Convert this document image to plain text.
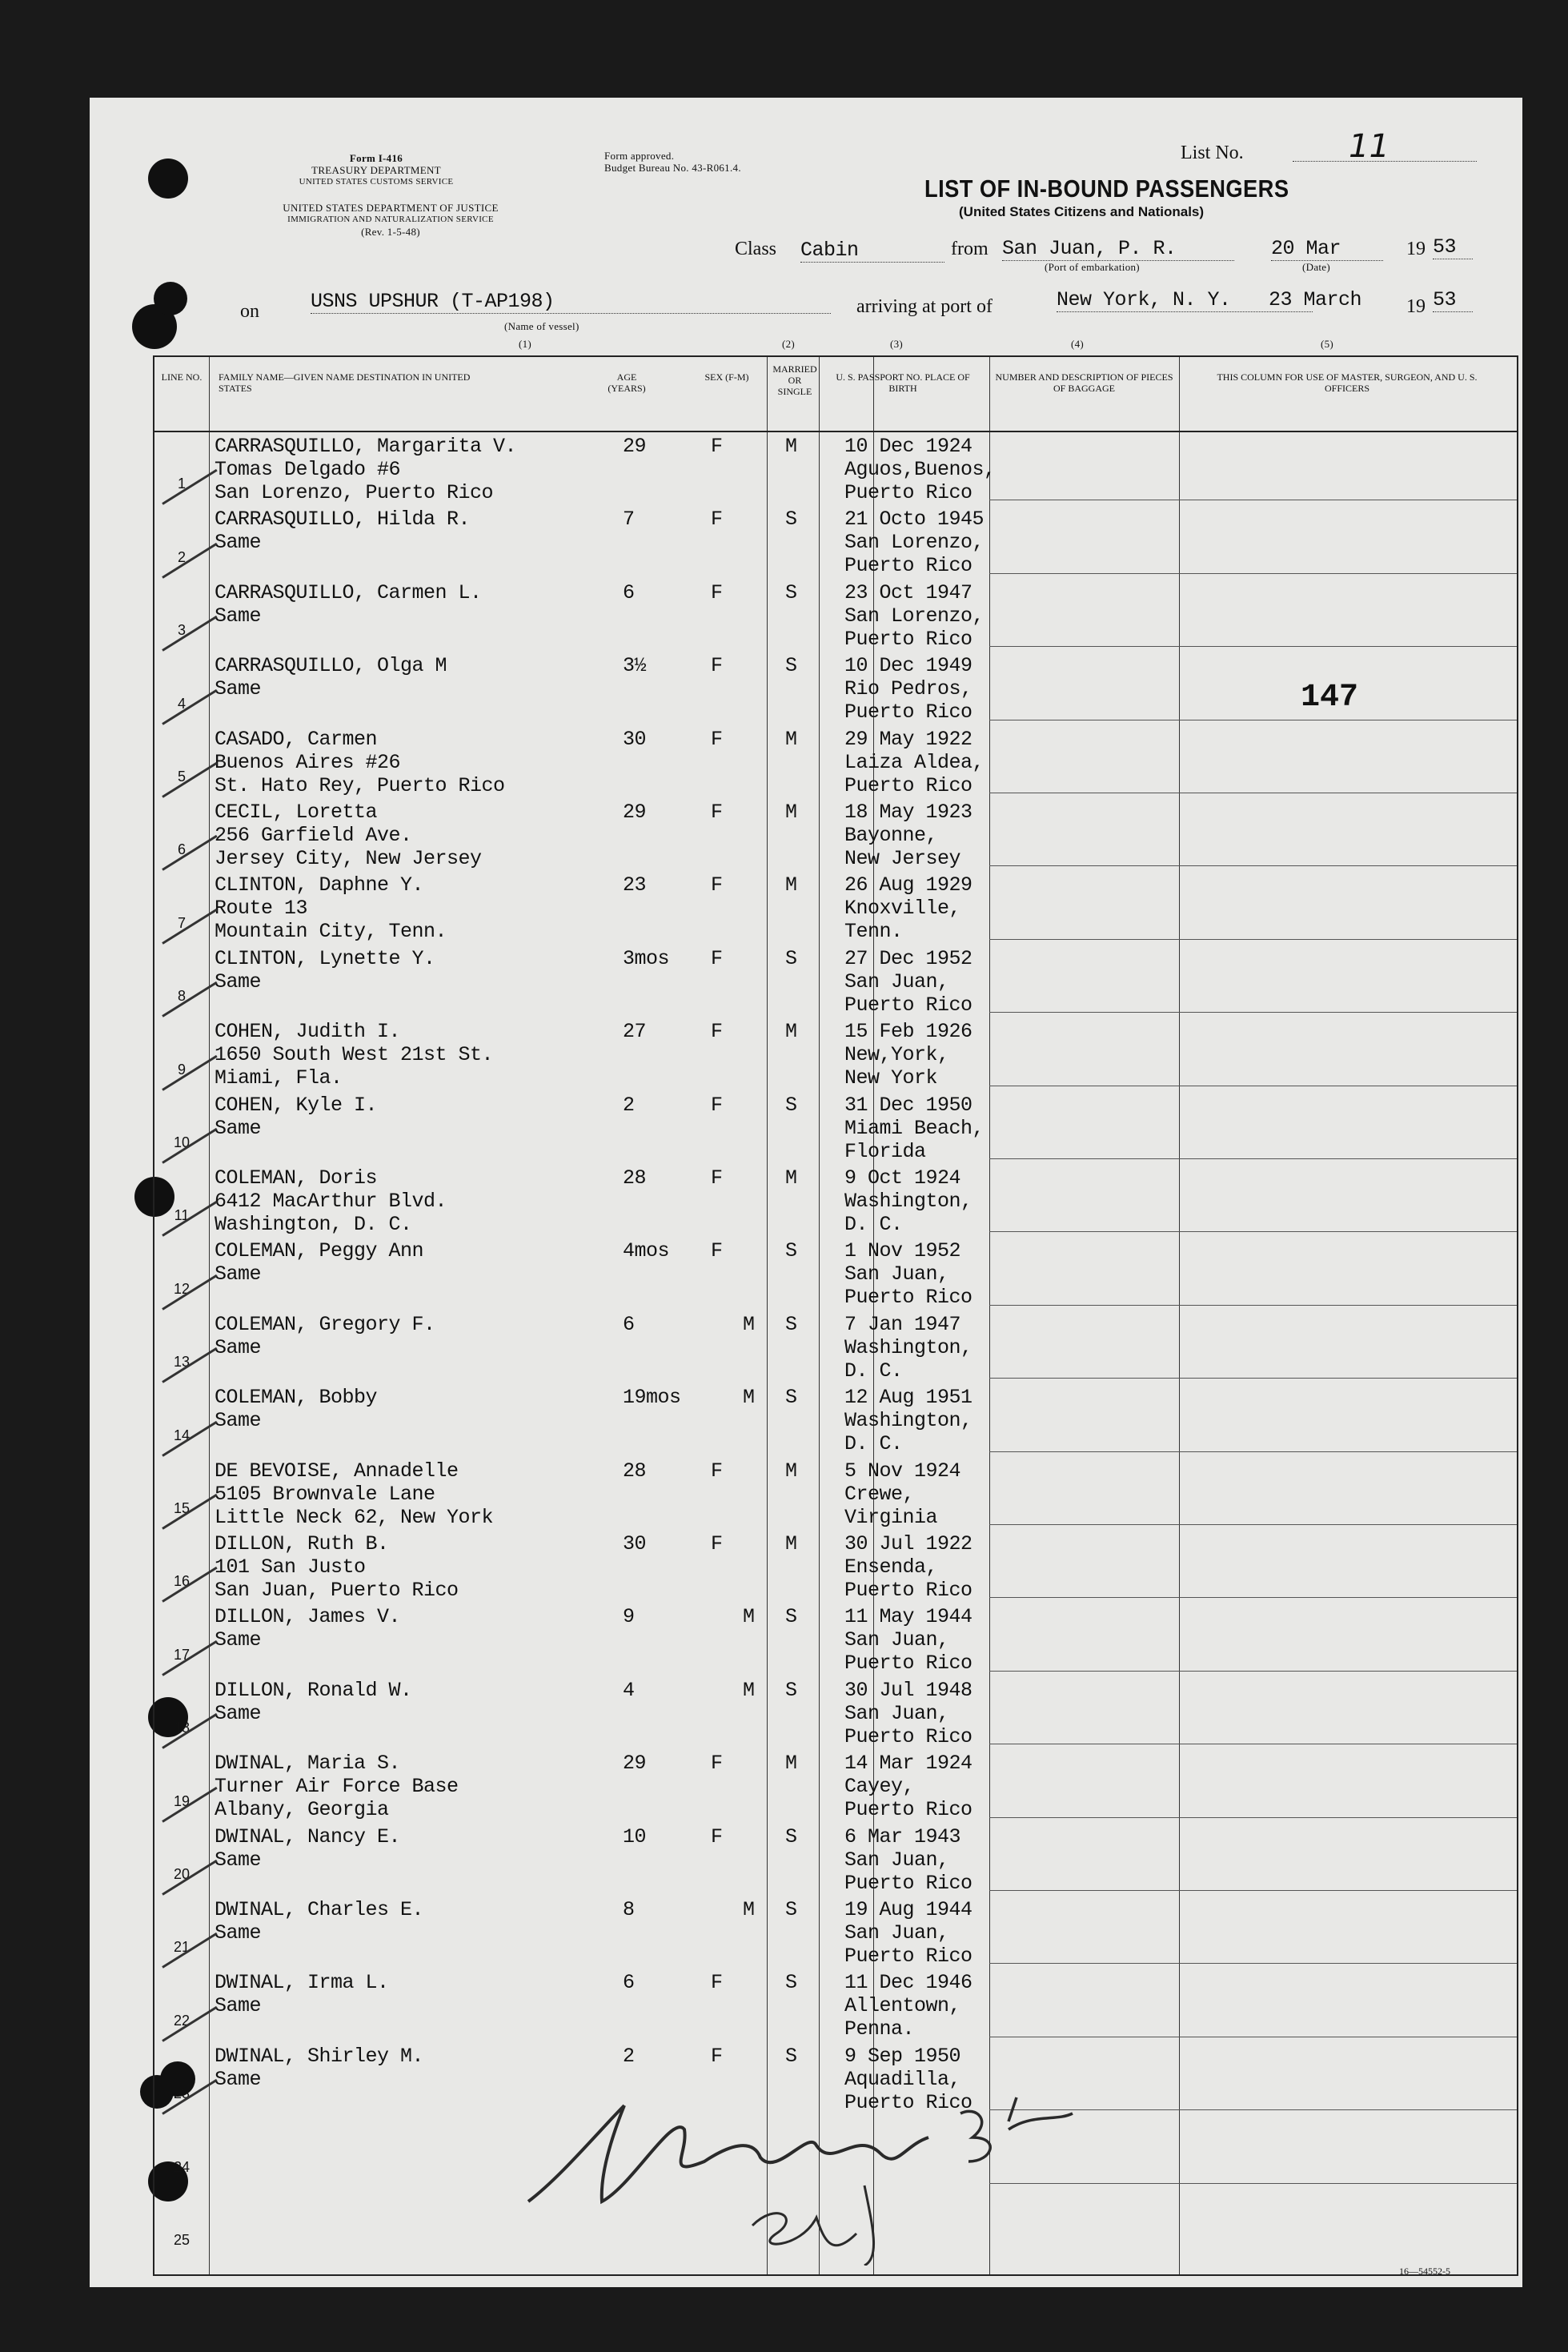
Form I-416
TREASURY DEPARTMENT
UNITED STATES CUSTOMS SERVICE
UNITED STATES DEPARTMENT OF JUSTICE
IMMIGRATION AND NATURALIZATION SERVICE
(Rev. 1-5-48)
Form approved.
Budget Bureau No. 43-R061.4.
List No.	11
LIST OF IN-BOUND PASSENGERS
(United States Citizens and Nationals)
Class Cabin	from San Juan, P. R.
(Port of embarkation)
20 Mar
(Date)
19 53
on	USNS UPSHUR (T-AP198)
(Name of vessel)
arriving at port of	New York, N. Y.	23 March 19 53
(1)	(2)	(3)	(4)	(5)
LINE NO.	FAMILY NAME—GIVEN NAME DESTINATION IN UNITED STATES
AGE (YEARS)
SEX (F-M)
MARRIED OR SINGLE
U. S. PASSPORT NO. PLACE OF BIRTH
NUMBER AND DESCRIPTION OF PIECES OF BAGGAGE
THIS COLUMN FOR USE OF MASTER, SURGEON, AND U. S. OFFICERS
1
CARRASQUILLO, Margarita V.
Tomas Delgado #6
San Lorenzo, Puerto Rico
29	F	M 10 Dec 1924
Aguos,Buenos,
Puerto Rico
2
CARRASQUILLO, Hilda R.
Same
7	F	S 21 Octo 1945
San Lorenzo,
Puerto Rico
3
CARRASQUILLO, Carmen L.
Same
6	F	S 23 Oct 1947
San Lorenzo,
Puerto Rico
4
CARRASQUILLO, Olga M
Same
3½	F	S 10 Dec 1949
Rio Pedros,
Puerto Rico
5
CASADO, Carmen
Buenos Aires #26
St. Hato Rey, Puerto Rico
30	F	M 29 May 1922
Laiza Aldea,
Puerto Rico
6
CECIL, Loretta
256 Garfield Ave.
Jersey City, New Jersey
29	F	M 18 May 1923
Bayonne,
New Jersey
7
CLINTON, Daphne Y.
Route 13
Mountain City, Tenn.
23	F	M 26 Aug 1929
Knoxville,
Tenn.
8
CLINTON, Lynette Y.
Same
3mos F	S 27 Dec 1952
San Juan,
Puerto Rico
9
COHEN, Judith I.
1650 South West 21st St.
Miami, Fla.
27	F	M 15 Feb 1926
New,York,
New York
10
COHEN, Kyle I.
Same
2	F	S 31 Dec 1950
Miami Beach,
Florida
11
COLEMAN, Doris
6412 MacArthur Blvd.
Washington, D. C.
28	F	M 9 Oct 1924
Washington,
D. C.
12
COLEMAN, Peggy Ann
Same
4mos F	S 1 Nov 1952
San Juan,
Puerto Rico
13
COLEMAN, Gregory F.
Same
6	M S 7 Jan 1947
Washington,
D. C.
14
COLEMAN, Bobby
Same
19mos	M S 12 Aug 1951
Washington,
D. C.
15
DE BEVOISE, Annadelle
5105 Brownvale Lane
Little Neck 62, New York
28	F	M 5 Nov 1924
Crewe,
Virginia
16
DILLON, Ruth B.
101 San Justo
San Juan, Puerto Rico
30	F	M 30 Jul 1922
Ensenda,
Puerto Rico
17
DILLON, James V.
Same
9	M S 11 May 1944
San Juan,
Puerto Rico
18
DILLON, Ronald W.
Same
4	M S 30 Jul 1948
San Juan,
Puerto Rico
19
DWINAL, Maria S.
Turner Air Force Base
Albany, Georgia
29	F	M 14 Mar 1924
Cayey,
Puerto Rico
20
DWINAL, Nancy E.
Same
10	F	S 6 Mar 1943
San Juan,
Puerto Rico
21
DWINAL, Charles E.
Same
8	M S 19 Aug 1944
San Juan,
Puerto Rico
22
DWINAL, Irma L.
Same
6	F	S 11 Dec 1946
Allentown,
Penna.
23
DWINAL, Shirley M.
Same
2	F	S 9 Sep 1950
Aquadilla,
Puerto Rico
24
25
147
16—54552-5
